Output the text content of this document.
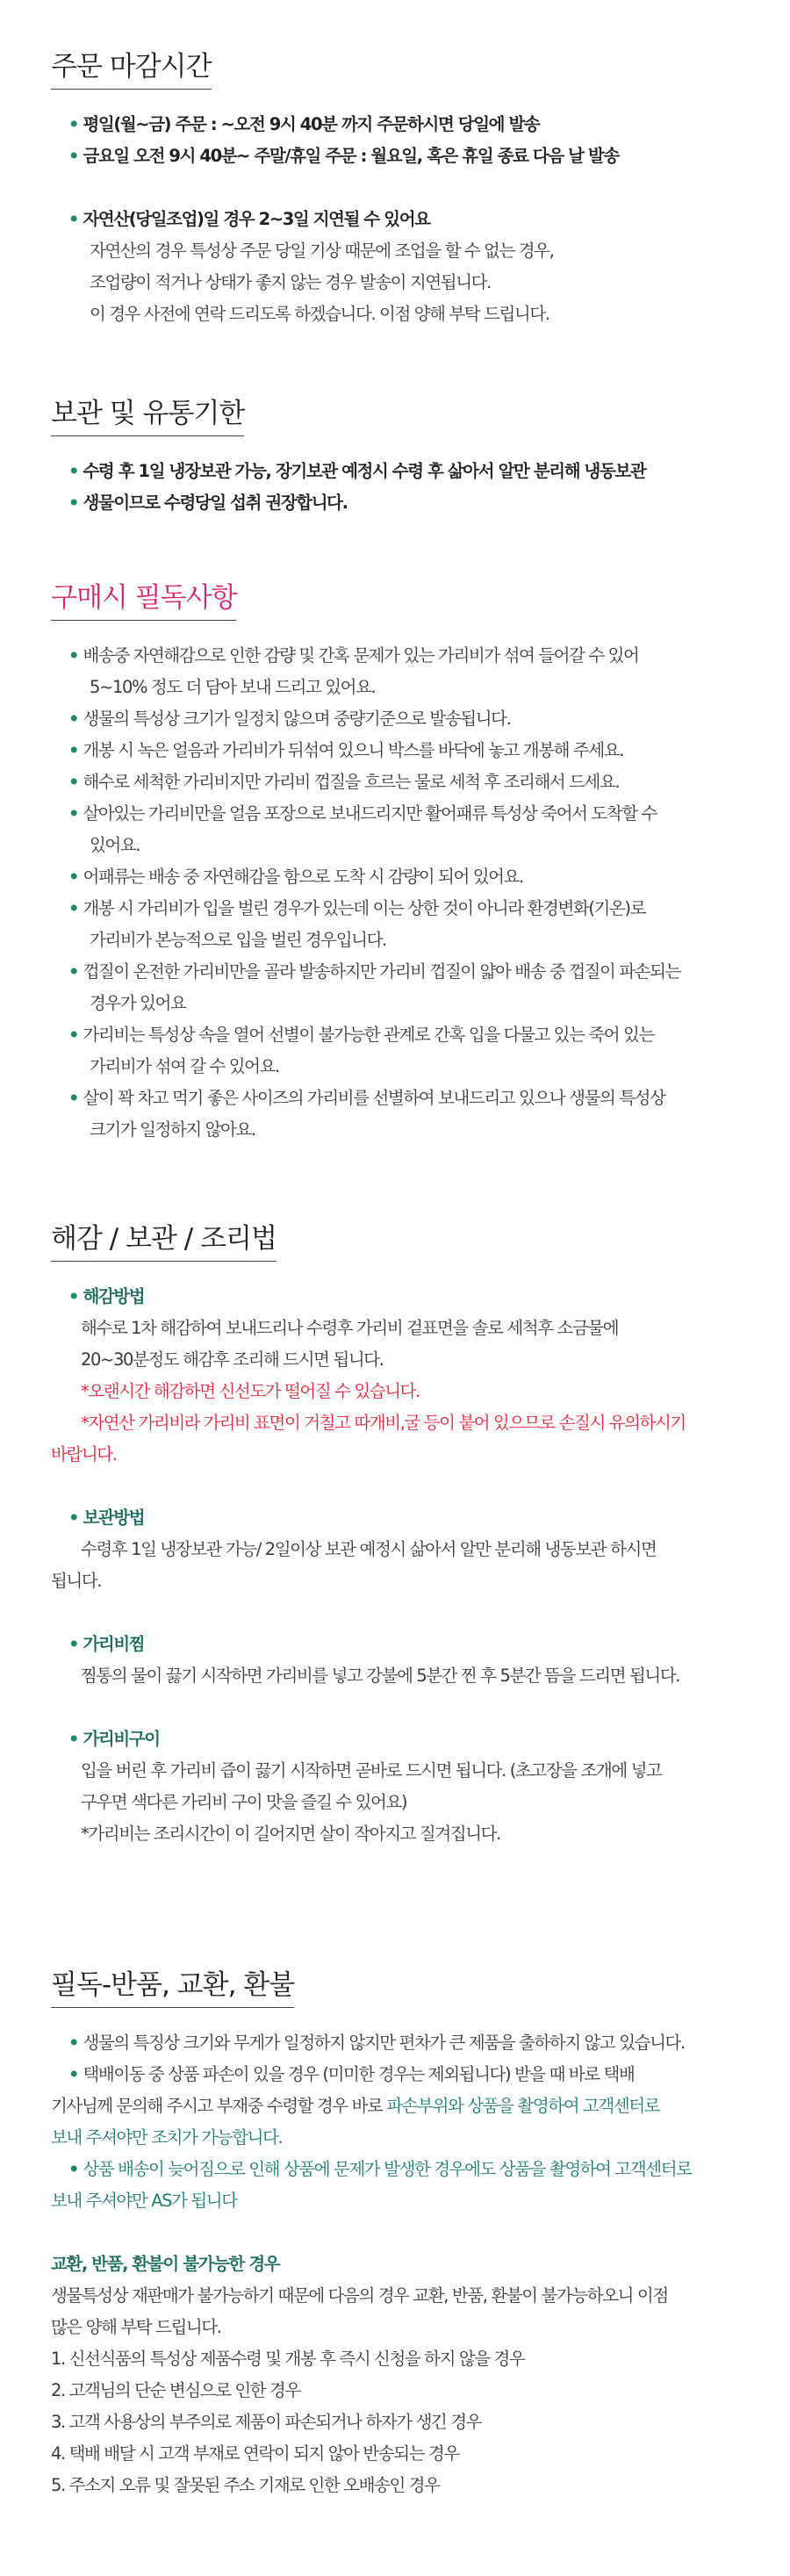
주문 마감시간
• 평일(월~금) 주문 : ~오전 9시 40분 까지 주문하시면 당일에 발송
• 금요일 오전 9시 40분~ 주말/휴일 주문 : 월요일, 혹은 휴일 종료 다음 날 발송
• 자연산(당일조업)일 경우 2~3일 지연될 수 있어요
자연산의 경우 특성상 주문 당일 기상 때문에 조업을 할 수 없는 경우,
조업량이 적거나 상태가 좋지 않는 경우 발송이 지연됩니다.
이 경우 사전에 연락 드리도록 하겠습니다. 이점 양해 부탁 드립니다.
보관 및 유통기한
• 수령 후 1일 냉장보관 가능, 장기보관 예정시 수령 후 삶아서 알만 분리해 냉동보관
• 생물이므로 수령당일 섭취 권장합니다.
구매시 필독사항
• 배송중 자연해감으로 인한 감량 및 간혹 문제가 있는 가리비가 섞여 들어갈 수 있어
5~10% 정도 더 담아 보내 드리고 있어요.
• 생물의 특성상 크기가 일정치 않으며 중량기준으로 발송됩니다.
• 개봉 시 녹은 얼음과 가리비가 뒤섞여 있으니 박스를 바닥에 놓고 개봉해 주세요.
• 해수로 세척한 가리비지만 가리비 껍질을 흐르는 물로 세척 후 조리해서 드세요.
• 살아있는 가리비만을 얼음 포장으로 보내드리지만 활어패류 특성상 죽어서 도착할 수
있어요.
• 어패류는 배송 중 자연해감을 함으로 도착 시 감량이 되어 있어요.
• 개봉 시 가리비가 입을 벌린 경우가 있는데 이는 상한 것이 아니라 환경변화(기온)로
가리비가 본능적으로 입을 벌린 경우입니다.
• 껍질이 온전한 가리비만을 골라 발송하지만 가리비 껍질이 얇아 배송 중 껍질이 파손되는
경우가 있어요
• 가리비는 특성상 속을 열어 선별이 불가능한 관계로 간혹 입을 다물고 있는 죽어 있는
가리비가 섞여 갈 수 있어요.
• 살이 꽉 차고 먹기 좋은 사이즈의 가리비를 선별하여 보내드리고 있으나 생물의 특성상
크기가 일정하지 않아요.
해감 / 보관 / 조리법
• 해감방법
해수로 1차 해감하여 보내드리나 수령후 가리비 겉표면을 솔로 세척후 소금물에
20~30분정도 해감후 조리해 드시면 됩니다.
*오랜시간 해감하면 신선도가 떨어질 수 있습니다.
*자연산 가리비라 가리비 표면이 거칠고 따개비,굴 등이 붙어 있으므로 손질시 유의하시기
바랍니다.
• 보관방법
수령후 1일 냉장보관 가능/ 2일이상 보관 예정시 삶아서 알만 분리해 냉동보관 하시면
됩니다.
• 가리비찜
찜통의 물이 끓기 시작하면 가리비를 넣고 강불에 5분간 찐 후 5분간 뜸을 드리면 됩니다.
• 가리비구이
입을 버린 후 가리비 즙이 끓기 시작하면 곧바로 드시면 됩니다. (초고장을 조개에 넣고
구우면 색다른 가리비 구이 맛을 즐길 수 있어요)
*가리비는 조리시간이 이 길어지면 살이 작아지고 질겨집니다.
필독-반품, 교환, 환불
• 생물의 특징상 크기와 무게가 일정하지 않지만 편차가 큰 제품을 출하하지 않고 있습니다.
• 택배이동 중 상품 파손이 있을 경우 (미미한 경우는 제외됩니다) 받을 때 바로 택배
기사님께 문의해 주시고 부재중 수령할 경우 바로 파손부위와 상품을 촬영하여 고객센터로
보내 주셔야만 조치가 가능합니다.
• 상품 배송이 늦어짐으로 인해 상품에 문제가 발생한 경우에도 상품을 촬영하여 고객센터로
보내 주셔야만 AS가 됩니다
교환, 반품, 환불이 불가능한 경우
생물특성상 재판매가 불가능하기 때문에 다음의 경우 교환, 반품, 환불이 불가능하오니 이점
많은 양해 부탁 드립니다.
1. 신선식품의 특성상 제품수령 및 개봉 후 즉시 신청을 하지 않을 경우
2. 고객님의 단순 변심으로 인한 경우
3. 고객 사용상의 부주의로 제품이 파손되거나 하자가 생긴 경우
4. 택배 배달 시 고객 부재로 연락이 되지 않아 반송되는 경우
5. 주소지 오류 및 잘못된 주소 기재로 인한 오배송인 경우
